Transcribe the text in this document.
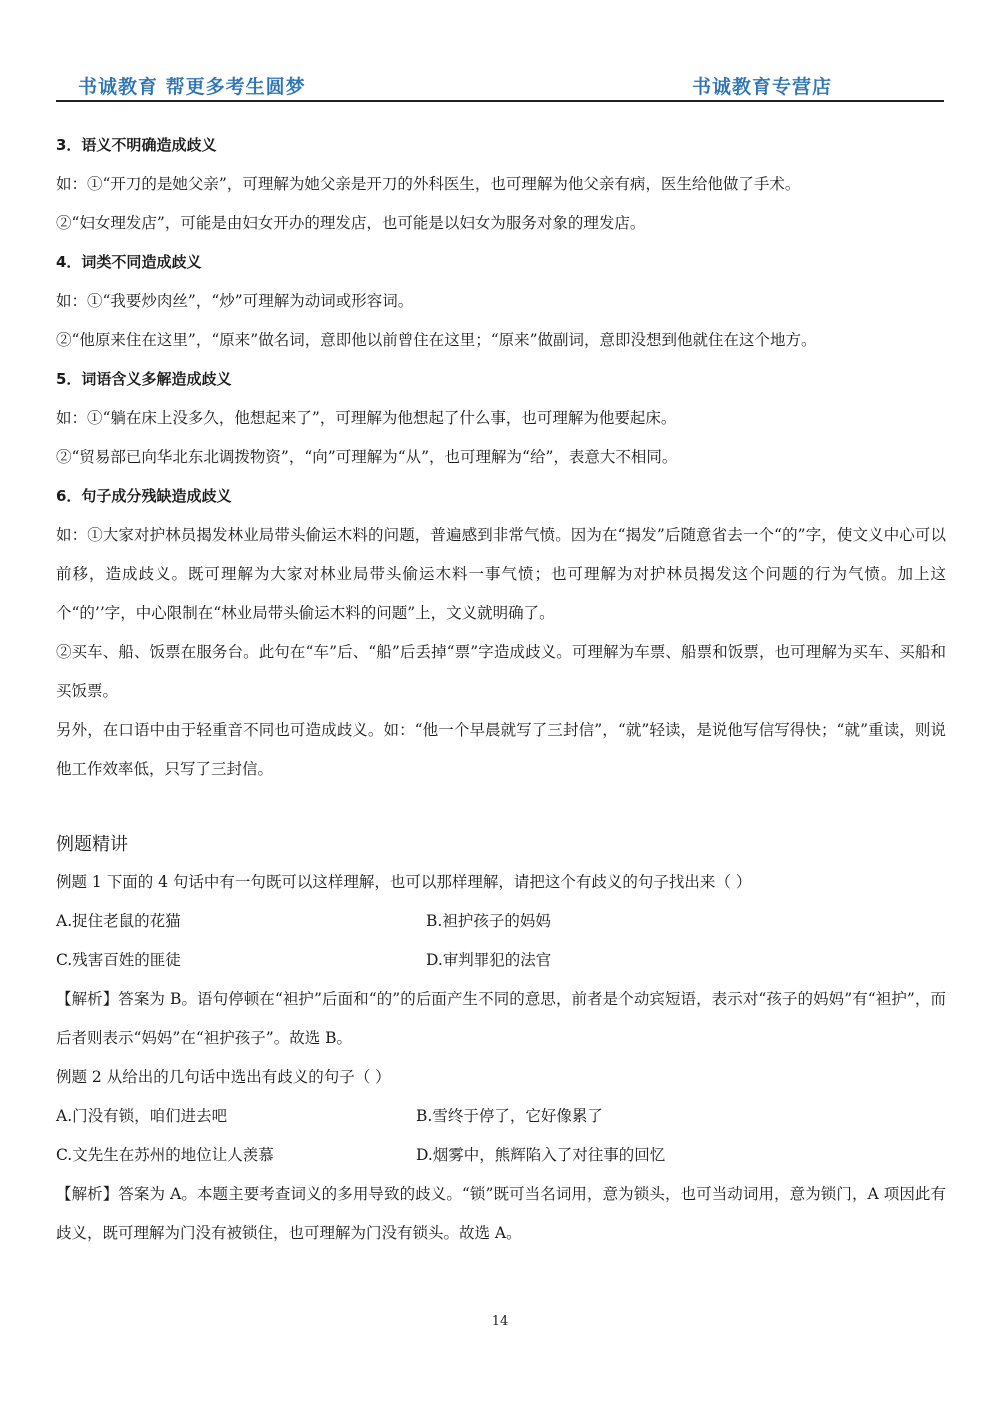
书诚教育 帮更多考生圆梦	书诚教育专营店

3．语义不明确造成歧义

如：①“开刀的是她父亲”，可理解为她父亲是开刀的外科医生，也可理解为他父亲有病，医生给他做了手术。

②“妇女理发店”，可能是由妇女开办的理发店，也可能是以妇女为服务对象的理发店。

4．词类不同造成歧义

如：①“我要炒肉丝”，“炒”可理解为动词或形容词。

②“他原来住在这里”，“原来”做名词，意即他以前曾住在这里；“原来”做副词，意即没想到他就住在这个地方。

5．词语含义多解造成歧义

如：①“躺在床上没多久，他想起来了”，可理解为他想起了什么事，也可理解为他要起床。

②“贸易部已向华北东北调拨物资”，“向”可理解为“从”，也可理解为“给”，表意大不相同。

6．句子成分残缺造成歧义

如：①大家对护林员揭发林业局带头偷运木料的问题，普遍感到非常气愤。因为在“揭发”后随意省去一个“的”字，使文义中心可以前移，造成歧义。既可理解为大家对林业局带头偷运木料一事气愤；也可理解为对护林员揭发这个问题的行为气愤。加上这个“的’’字，中心限制在“林业局带头偷运木料的问题”上，文义就明确了。

②买车、船、饭票在服务台。此句在“车”后、“船”后丢掉“票”字造成歧义。可理解为车票、船票和饭票，也可理解为买车、买船和买饭票。

另外，在口语中由于轻重音不同也可造成歧义。如：“他一个早晨就写了三封信”，“就”轻读，是说他写信写得快；“就”重读，则说他工作效率低，只写了三封信。

例题精讲

例题 1 下面的 4 句话中有一句既可以这样理解，也可以那样理解，请把这个有歧义的句子找出来（ ）

A.捉住老鼠的花猫	B.袒护孩子的妈妈
C.残害百姓的匪徒	D.审判罪犯的法官

【解析】答案为 B。语句停顿在“袒护”后面和“的”的后面产生不同的意思，前者是个动宾短语，表示对“孩子的妈妈”有“袒护”，而后者则表示“妈妈”在“袒护孩子”。故选 B。

例题 2 从给出的几句话中选出有歧义的句子（ ）

A.门没有锁，咱们进去吧	B.雪终于停了，它好像累了
C.文先生在苏州的地位让人羡慕	D.烟雾中，熊辉陷入了对往事的回忆

【解析】答案为 A。本题主要考查词义的多用导致的歧义。“锁”既可当名词用，意为锁头，也可当动词用，意为锁门，A 项因此有歧义，既可理解为门没有被锁住，也可理解为门没有锁头。故选 A。

14
